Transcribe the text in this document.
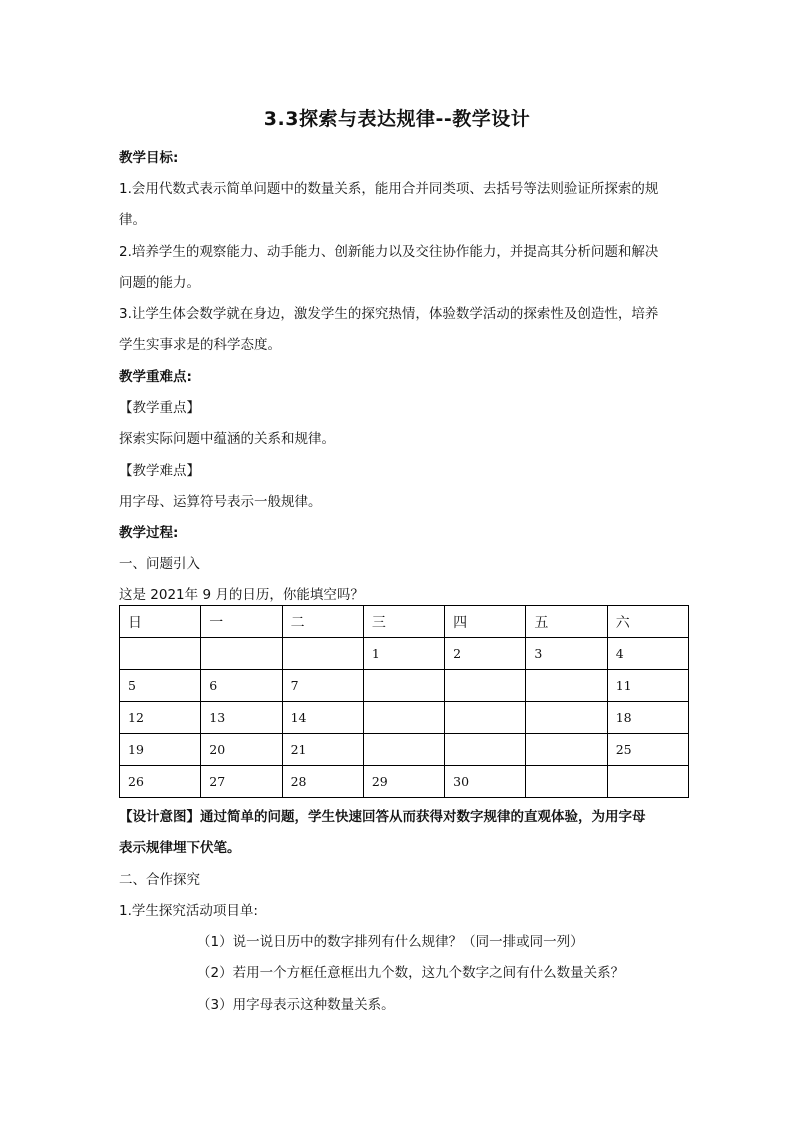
3.3探索与表达规律--教学设计
教学目标:
1.会用代数式表示简单问题中的数量关系，能用合并同类项、去括号等法则验证所探索的规
律。
2.培养学生的观察能力、动手能力、创新能力以及交往协作能力，并提高其分析问题和解决
问题的能力。
3.让学生体会数学就在身边，激发学生的探究热情，体验数学活动的探索性及创造性，培养
学生实事求是的科学态度。
教学重难点:
【教学重点】
探索实际问题中蕴涵的关系和规律。
【教学难点】
用字母、运算符号表示一般规律。
教学过程:
一、问题引入
这是 2021年 9 月的日历，你能填空吗？
日	一	二	三	四	五	六
			1	2	3	4
5	6	7				11
12	13	14				18
19	20	21				25
26	27	28	29	30		
【设计意图】通过简单的问题，学生快速回答从而获得对数字规律的直观体验，为用字母
表示规律埋下伏笔。
二、合作探究
1.学生探究活动项目单:
（1）说一说日历中的数字排列有什么规律？（同一排或同一列）
（2）若用一个方框任意框出九个数，这九个数字之间有什么数量关系？
（3）用字母表示这种数量关系。
